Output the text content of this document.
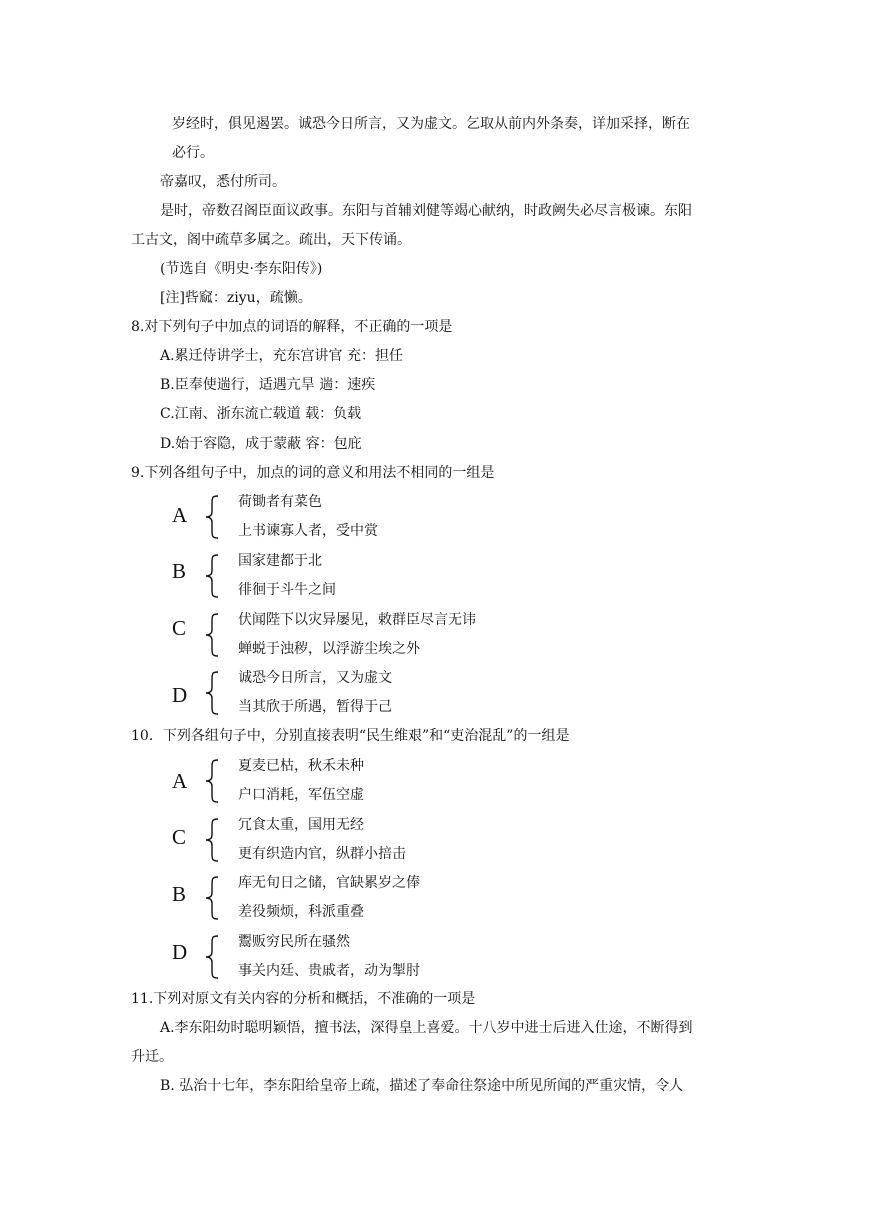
岁经时，俱见遏罢。诚恐今日所言，又为虚文。乞取从前内外条奏，详加采择，断在
必行。
帝嘉叹，悉付所司。
是时，帝数召阁臣面议政事。东阳与首辅刘健等竭心献纳，时政阙失必尽言极谏。东阳
工古文，阁中疏草多属之。疏出，天下传诵。
(节选自《明史·李东阳传》)
[注]呰窳：ziyu，疏懒。
8.对下列句子中加点的词语的解释，不正确的一项是
A.累迁侍讲学士，充东宫讲官 充：担任
B.臣奉使遄行，适遇亢旱 遄：速疾
C.江南、浙东流亡载道 载：负载
D.始于容隐，成于蒙蔽 容：包庇
9.下列各组句子中，加点的词的意义和用法不相同的一组是
A
荷锄者有菜色
上书谏寡人者，受中赏
B	国家建都于北
徘徊于斗牛之间
C	伏闻陛下以灾异屡见，敕群臣尽言无讳
蝉蜕于浊秽，以浮游尘埃之外
D
诚恐今日所言，又为虚文
当其欣于所遇，暂得于己
10．下列各组句子中，分别直接表明“民生维艰”和“吏治混乱”的一组是
A
夏麦已枯，秋禾未种
户口消耗，军伍空虚
C	冗食太重，国用无经
更有织造内官，纵群小掊击
B	库无旬日之储，官缺累岁之俸
差役频烦，科派重叠
D	鬻贩穷民所在骚然
事关内廷、贵戚者，动为掣肘
11.下列对原文有关内容的分析和概括，不准确的一项是
A.李东阳幼时聪明颖悟，擅书法，深得皇上喜爱。十八岁中进士后进入仕途，不断得到
升迁。
B. 弘治十七年，李东阳给皇帝上疏，描述了奉命往祭途中所见所闻的严重灾情，令人
